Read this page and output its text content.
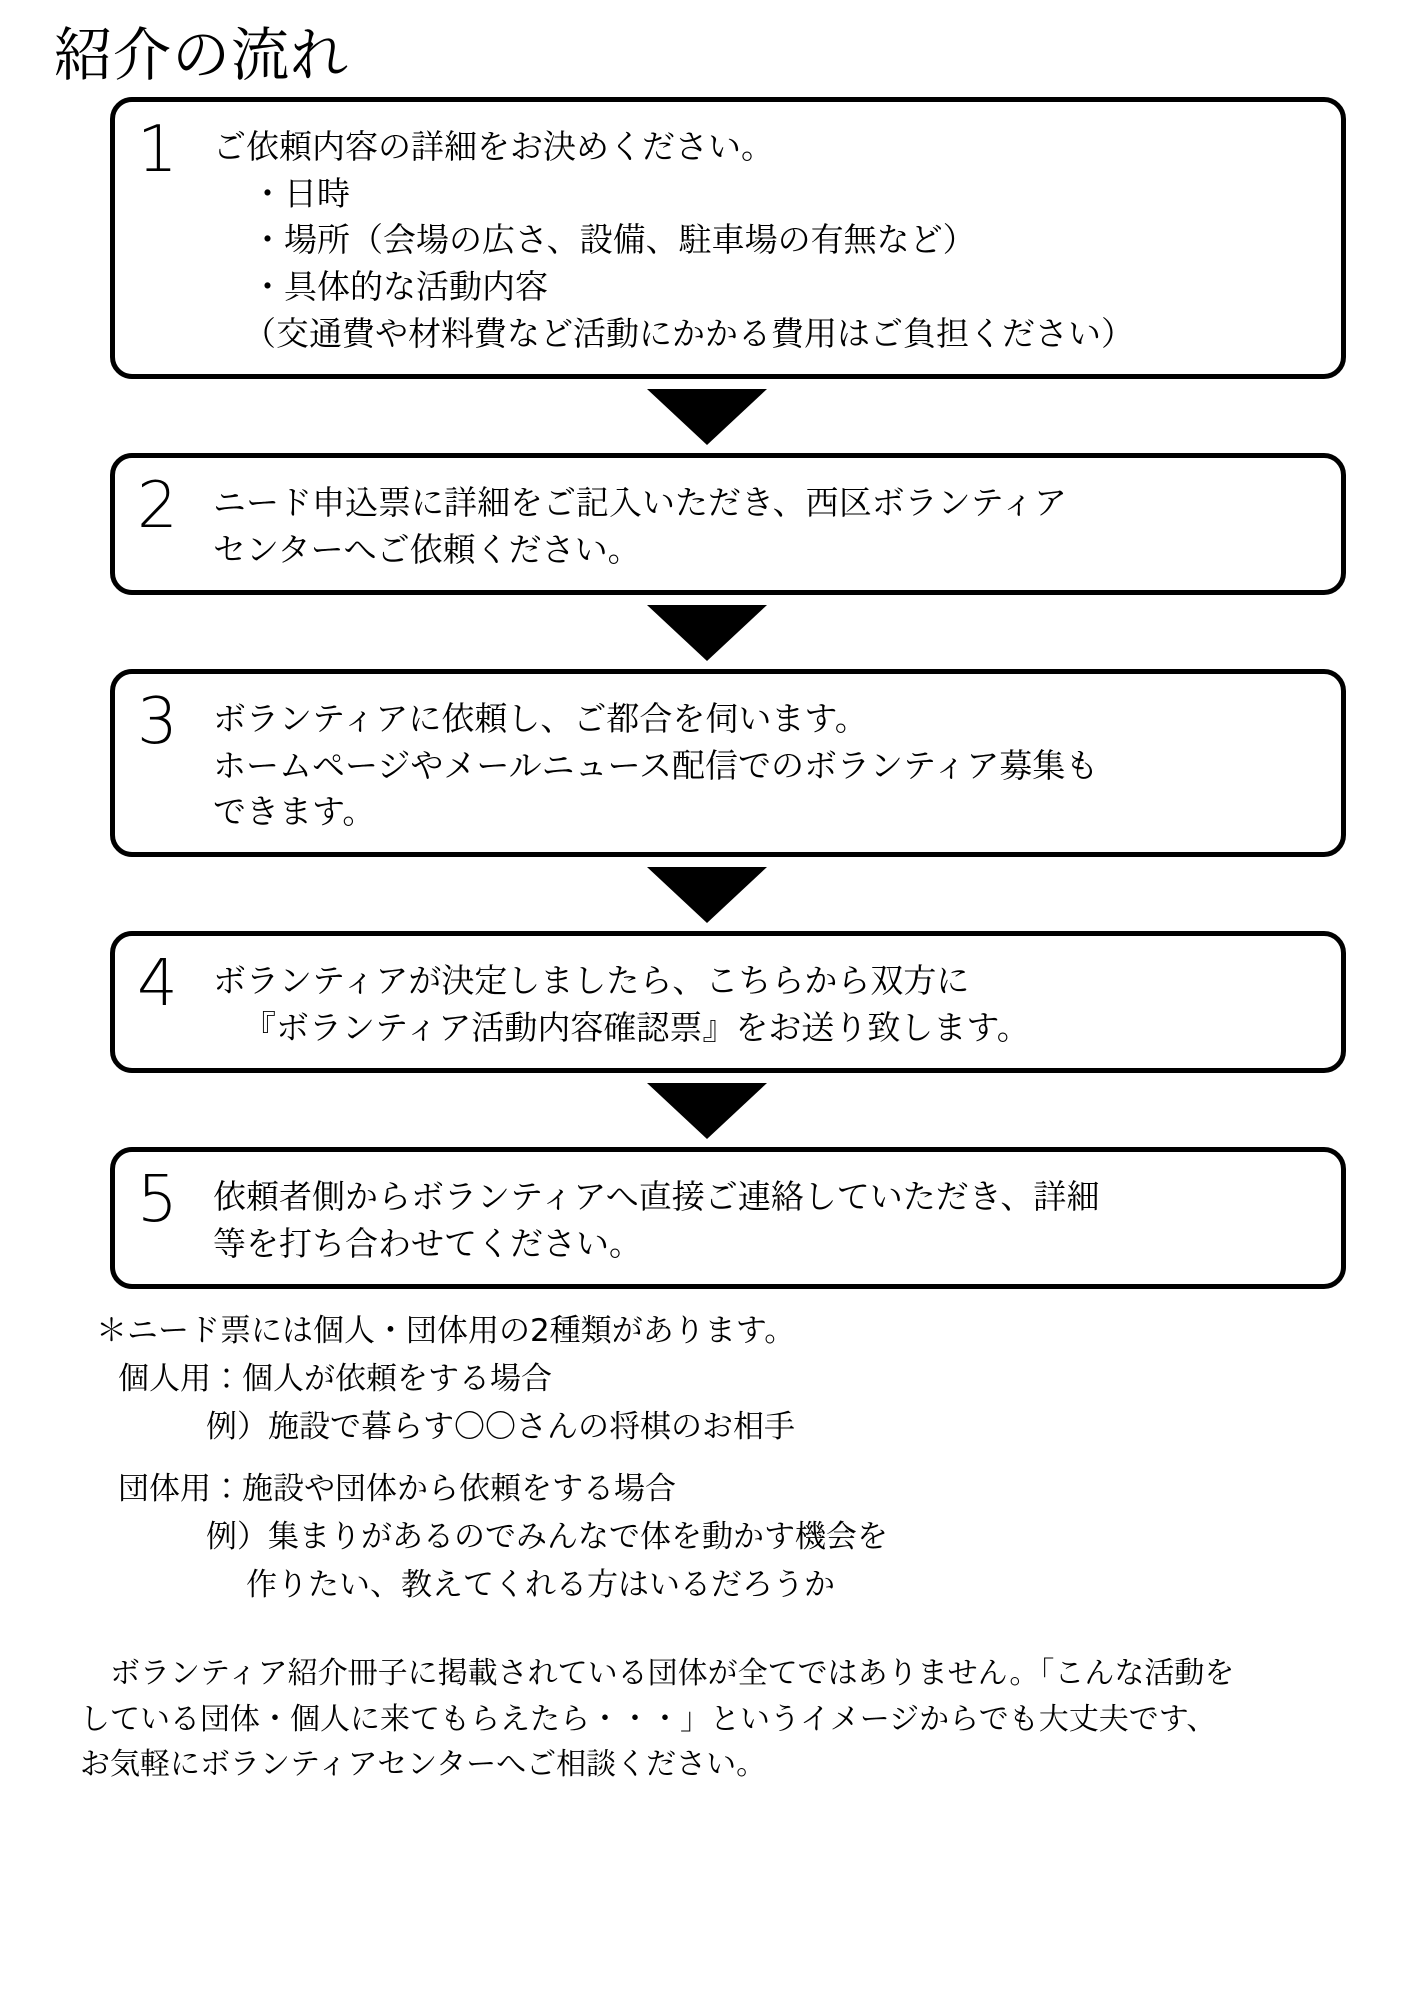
紹介の流れ
1	ご依頼内容の詳細をお決めください。
・日時
・場所（会場の広さ、設備、駐車場の有無など）
・具体的な活動内容
（交通費や材料費など活動にかかる費用はご負担ください）
2	ニード申込票に詳細をご記入いただき、西区ボランティア
センターへご依頼ください。
3	ボランティアに依頼し、ご都合を伺います。
ホームページやメールニュース配信でのボランティア募集も
できます。
4	ボランティアが決定しましたら、こちらから双方に
『ボランティア活動内容確認票』をお送り致します。
5	依頼者側からボランティアへ直接ご連絡していただき、詳細
等を打ち合わせてください。
＊ニード票には個人・団体用の2種類があります。
個人用：個人が依頼をする場合
例）施設で暮らす〇〇さんの将棋のお相手
団体用：施設や団体から依頼をする場合
例）集まりがあるのでみんなで体を動かす機会を
作りたい、教えてくれる方はいるだろうか

ボランティア紹介冊子に掲載されている団体が全てではありません。「こんな活動を

している団体・個人に来てもらえたら・・・」というイメージからでも大丈夫です、

お気軽にボランティアセンターへご相談ください。
